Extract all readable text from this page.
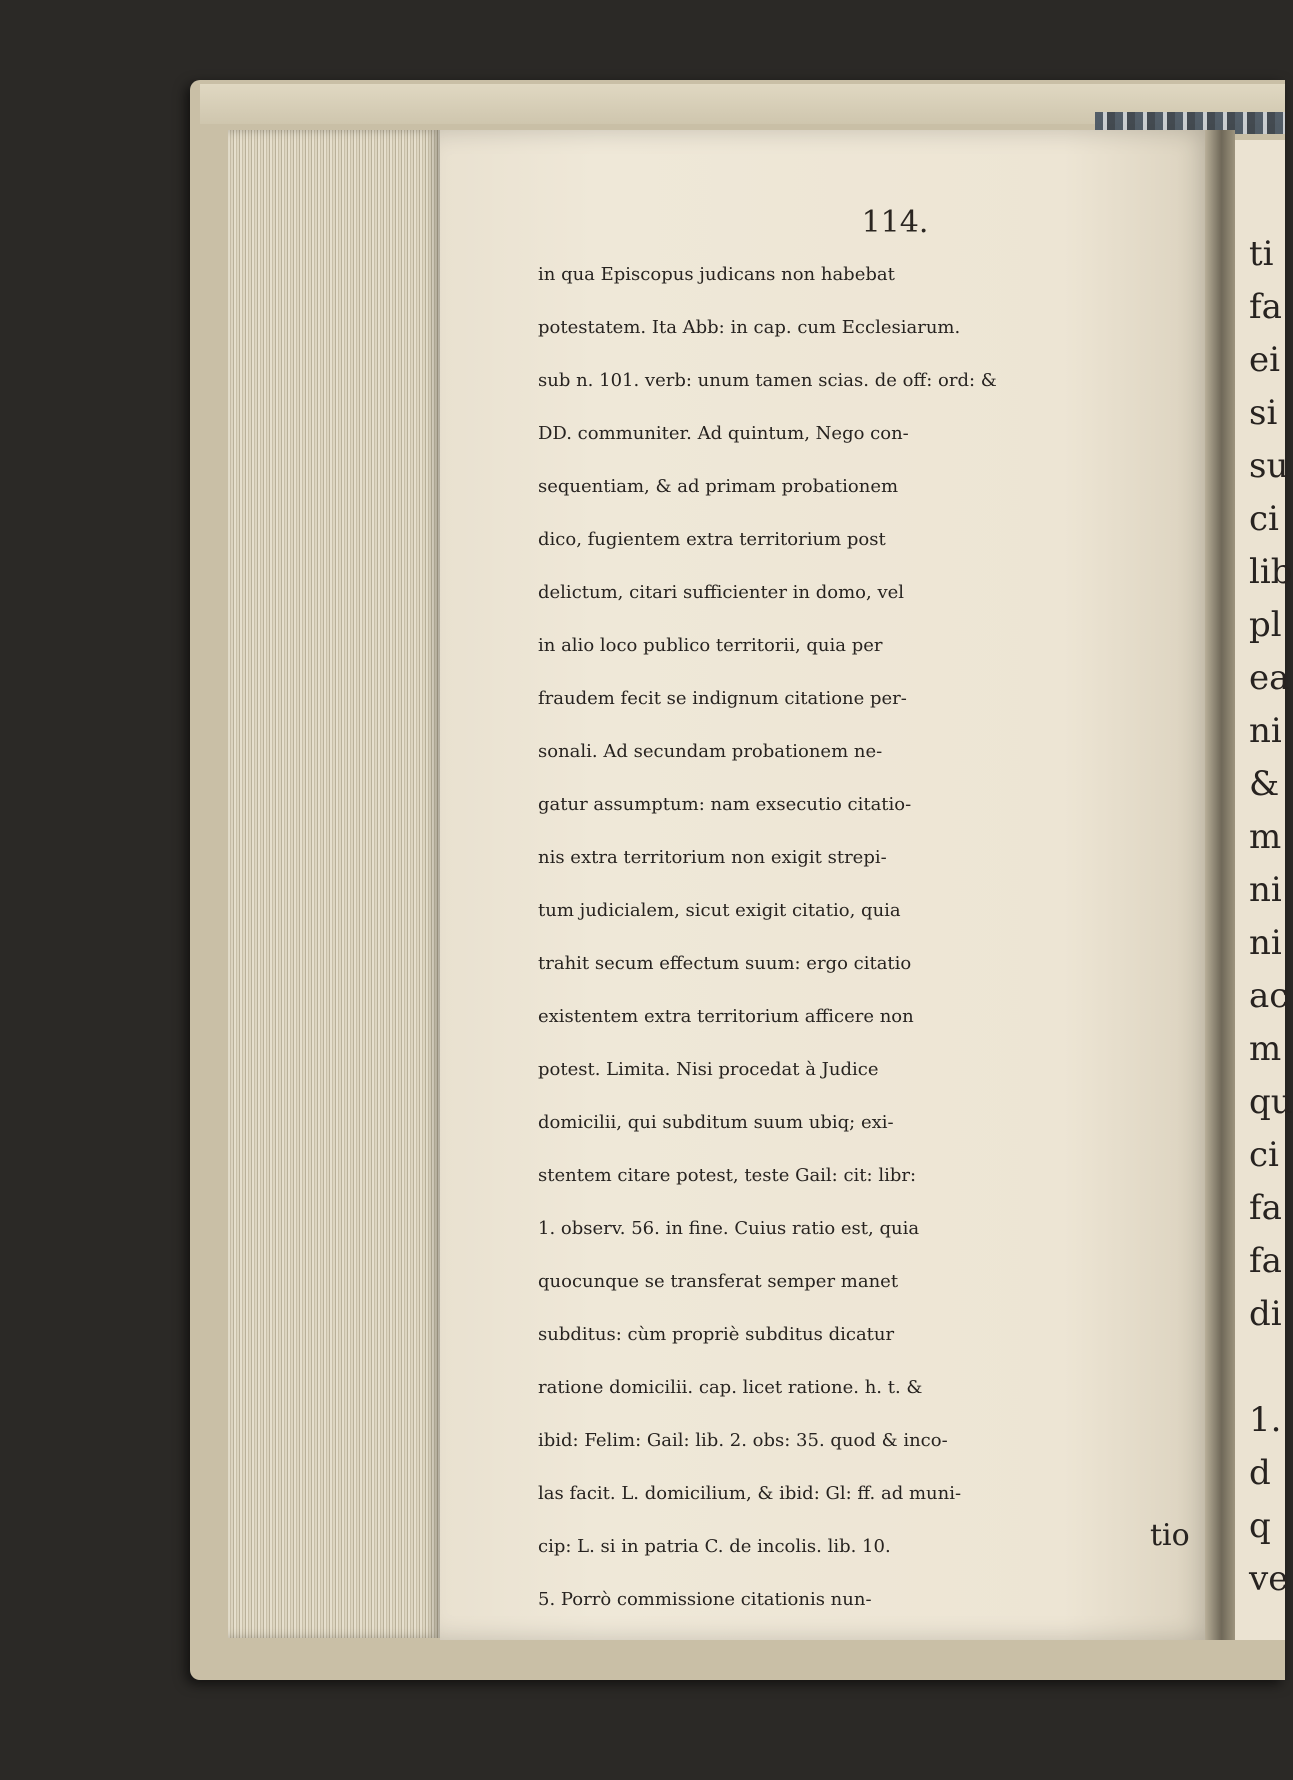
ti
fa
ei
si
su
ci
lib
pl
ea
ni
&
m
ni
ni
ac
m
qu
ci
fa
fa
di
1.
d
q
ve
114.
in qua Episcopus judicans non habebat
potestatem. Ita Abb: in cap. cum Ecclesiarum.
sub n. 101. verb: unum tamen scias. de off: ord: &
DD. communiter. Ad quintum, Nego con-
sequentiam, & ad primam probationem
dico, fugientem extra territorium post
delictum, citari sufficienter in domo, vel
in alio loco publico territorii, quia per
fraudem fecit se indignum citatione per-
sonali. Ad secundam probationem ne-
gatur assumptum: nam exsecutio citatio-
nis extra territorium non exigit strepi-
tum judicialem, sicut exigit citatio, quia
trahit secum effectum suum: ergo citatio
existentem extra territorium afficere non
potest. Limita. Nisi procedat à Judice
domicilii, qui subditum suum ubiq; exi-
stentem citare potest, teste Gail: cit: libr:
1. observ. 56. in fine. Cuius ratio est, quia
quocunque se transferat semper manet
subditus: cùm propriè subditus dicatur
ratione domicilii. cap. licet ratione. h. t. &
ibid: Felim: Gail: lib. 2. obs: 35. quod & inco-
las facit. L. domicilium, & ibid: Gl: ff. ad muni-
cip: L. si in patria C. de incolis. lib. 10.
5. Porrò commissione citationis nun-
tio
